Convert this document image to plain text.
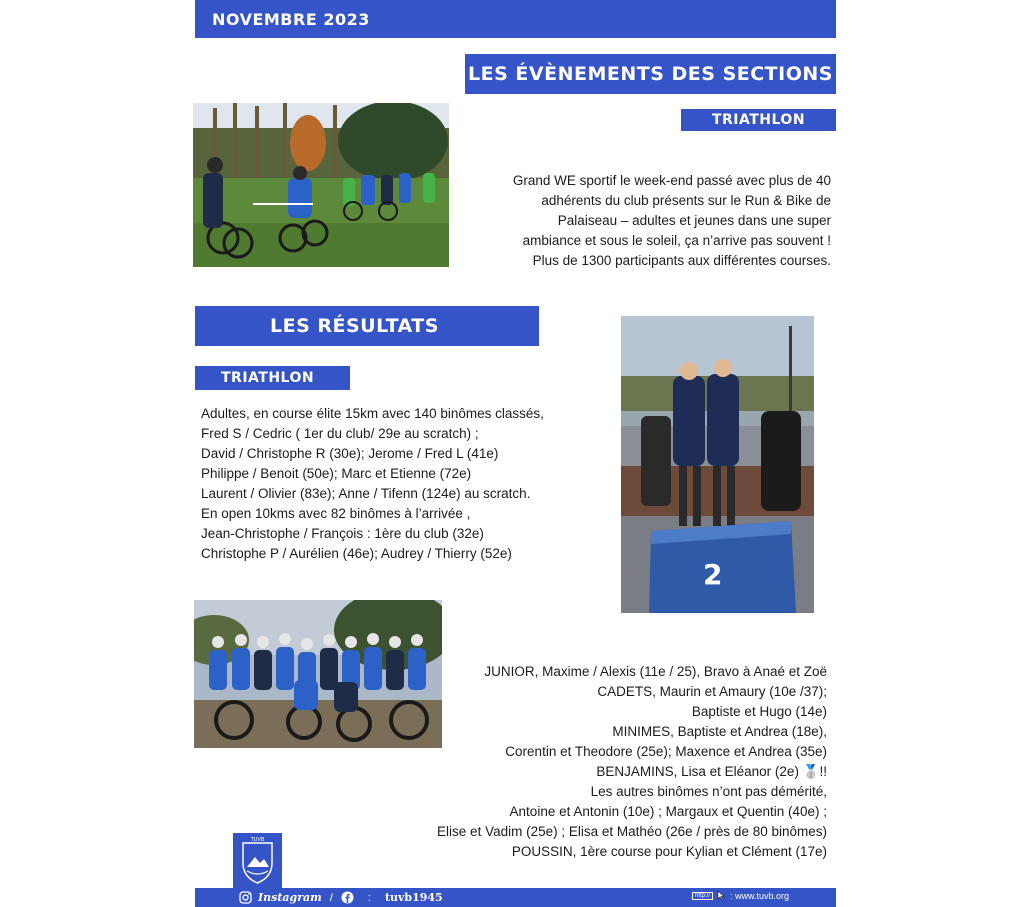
NOVEMBRE 2023
LES ÉVÈNEMENTS DES SECTIONS
TRIATHLON
Grand WE sportif le week-end passé avec plus de 40
adhérents du club présents sur le Run & Bike de
Palaiseau – adultes et jeunes dans une super
ambiance et sous le soleil, ça n’arrive pas souvent !
Plus de 1300 participants aux différentes courses.
LES RÉSULTATS
TRIATHLON
Adultes, en course élite 15km avec 140 binômes classés,
Fred S / Cedric ( 1er du club/ 29e au scratch) ;
David / Christophe R (30e); Jerome / Fred L (41e)
Philippe / Benoit (50e); Marc et Etienne (72e)
Laurent / Olivier (83e); Anne / Tifenn (124e) au scratch.
En open 10kms avec 82 binômes à l’arrivée ,
Jean-Christophe / François : 1ère du club (32e)
Christophe P / Aurélien (46e); Audrey / Thierry (52e)
2
JUNIOR, Maxime / Alexis (11e / 25), Bravo à Anaé et Zoë
CADETS, Maurin et Amaury (10e /37);
Baptiste et Hugo (14e)
MINIMES, Baptiste et Andrea (18e),
Corentin et Theodore (25e); Maxence et Andrea (35e)
BENJAMINS, Lisa et Eléanor (2e) 🥈!!
Les autres binômes n’ont pas démérité,
Antoine et Antonin (10e) ; Margaux et Quentin (40e) ;
Elise et Vadim (25e) ; Elisa et Mathéo (26e / près de 80 binômes)
POUSSIN, 1ère course pour Kylian et Clément (17e)
TUVB
Instagram /	: tuvb1945	http://	: www.tuvb.org
